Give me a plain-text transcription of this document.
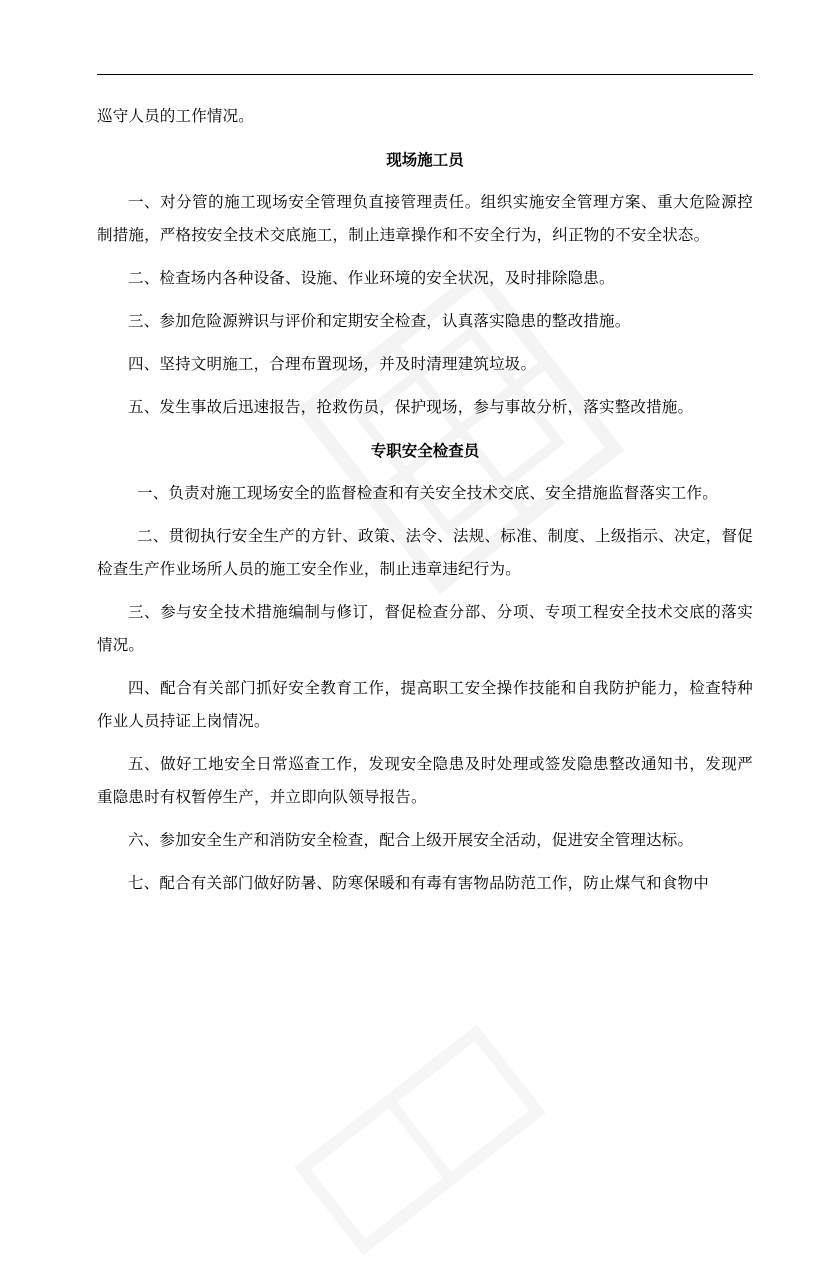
巡守人员的工作情况。

现场施工员

一、对分管的施工现场安全管理负直接管理责任。组织实施安全管理方案、重大危险源控制措施，严格按安全技术交底施工，制止违章操作和不安全行为，纠正物的不安全状态。

二、检查场内各种设备、设施、作业环境的安全状况，及时排除隐患。

三、参加危险源辨识与评价和定期安全检查，认真落实隐患的整改措施。

四、坚持文明施工，合理布置现场，并及时清理建筑垃圾。

五、发生事故后迅速报告，抢救伤员，保护现场，参与事故分析，落实整改措施。

专职安全检查员

一、负责对施工现场安全的监督检查和有关安全技术交底、安全措施监督落实工作。

二、贯彻执行安全生产的方针、政策、法令、法规、标准、制度、上级指示、决定，督促检查生产作业场所人员的施工安全作业，制止违章违纪行为。

三、参与安全技术措施编制与修订，督促检查分部、分项、专项工程安全技术交底的落实情况。

四、配合有关部门抓好安全教育工作，提高职工安全操作技能和自我防护能力，检查特种作业人员持证上岗情况。

五、做好工地安全日常巡查工作，发现安全隐患及时处理或签发隐患整改通知书，发现严重隐患时有权暂停生产，并立即向队领导报告。

六、参加安全生产和消防安全检查，配合上级开展安全活动，促进安全管理达标。

七、配合有关部门做好防暑、防寒保暖和有毒有害物品防范工作，防止煤气和食物中
